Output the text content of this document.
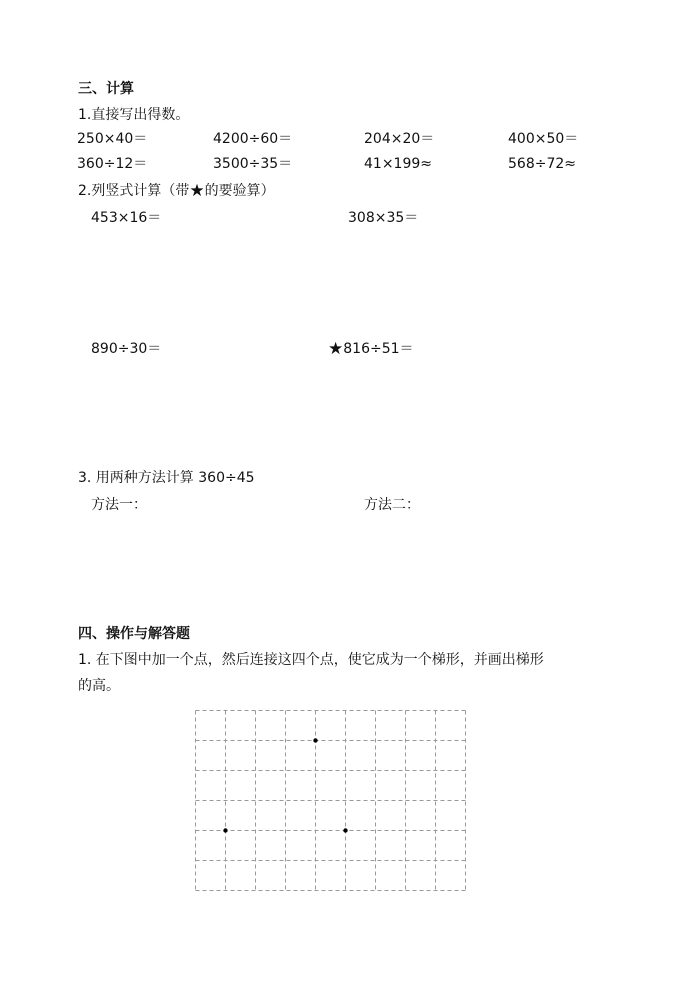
三、计算
1.直接写出得数。
250×40＝	4200÷60＝	204×20＝	400×50＝
360÷12＝	3500÷35＝	41×199≈	568÷72≈
2.列竖式计算（带★的要验算）
453×16＝	308×35＝
890÷30＝	★816÷51＝
3. 用两种方法计算 360÷45
方法一：	方法二：
四、操作与解答题
1. 在下图中加一个点，然后连接这四个点，使它成为一个梯形，并画出梯形
的高。
